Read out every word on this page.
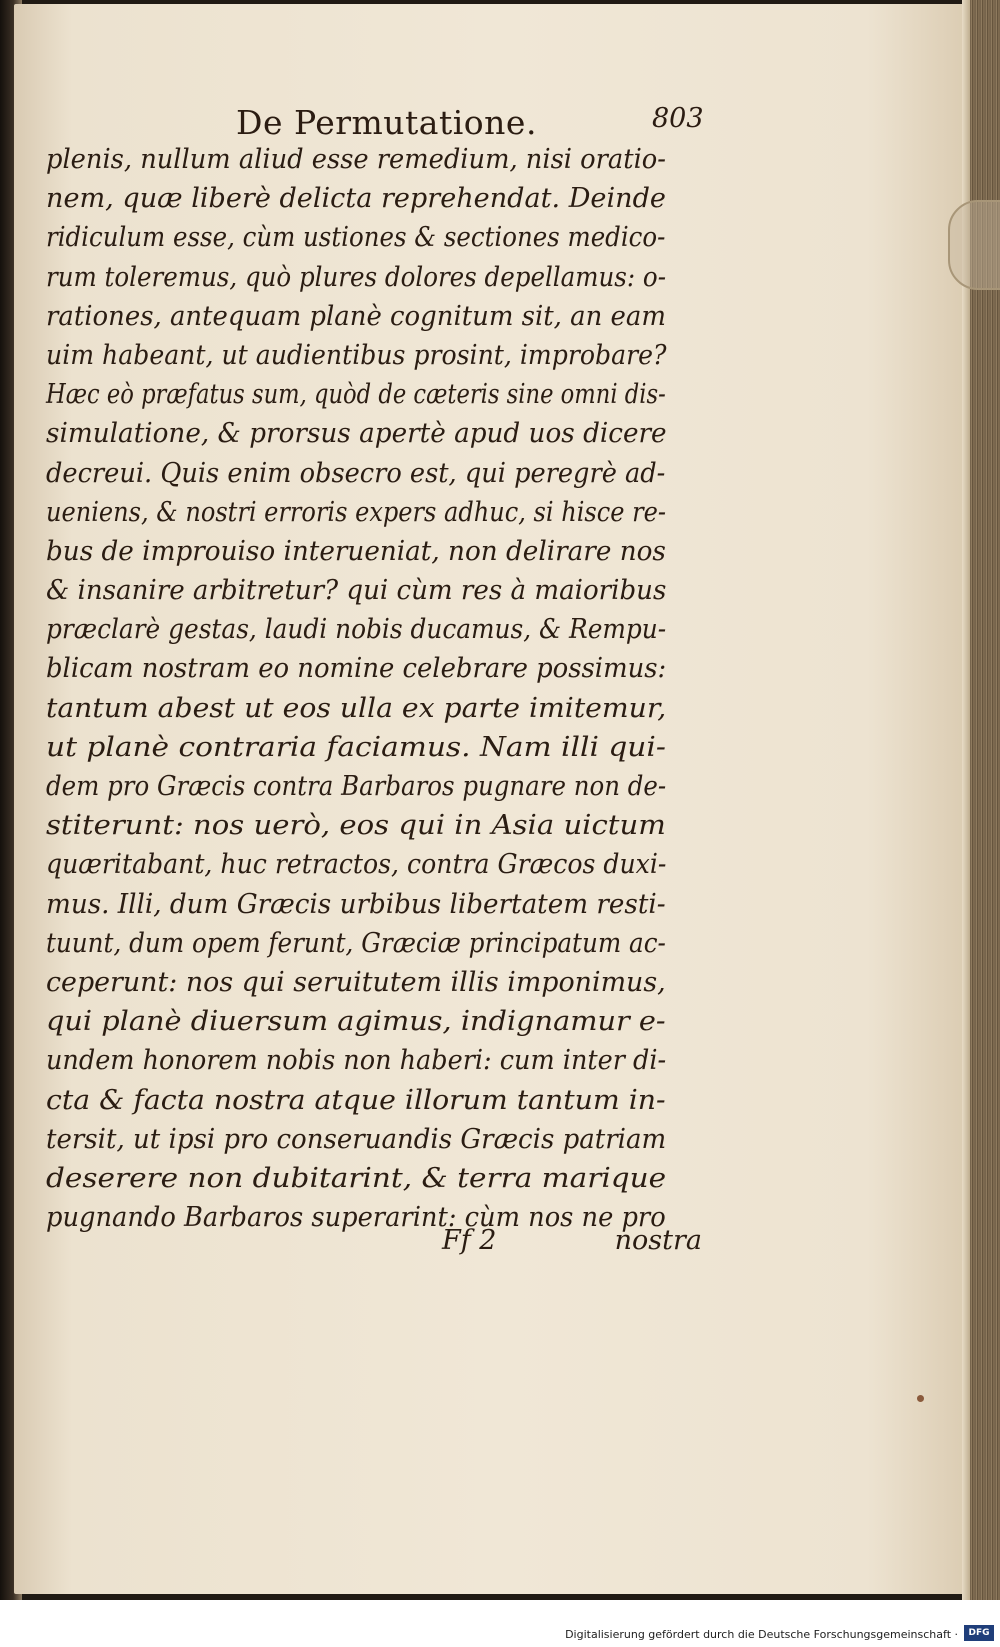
De Permutatione.	803
plenis, nullum aliud esse remedium, nisi oratio-
nem, quæ liberè delicta reprehendat. Deinde
ridiculum esse, cùm ustiones & sectiones medico-
rum toleremus, quò plures dolores depellamus: o-
rationes, antequam planè cognitum sit, an eam
uim habeant, ut audientibus prosint, improbare?
Hæc eò præfatus sum, quòd de cæteris sine omni dis-
simulatione, & prorsus apertè apud uos dicere
decreui. Quis enim obsecro est, qui peregrè ad-
ueniens, & nostri erroris expers adhuc, si hisce re-
bus de improuiso interueniat, non delirare nos
& insanire arbitretur? qui cùm res à maioribus
præclarè gestas, laudi nobis ducamus, & Rempu-
blicam nostram eo nomine celebrare possimus:
tantum abest ut eos ulla ex parte imitemur,
ut planè contraria faciamus. Nam illi qui-
dem pro Græcis contra Barbaros pugnare non de-
stiterunt: nos uerò, eos qui in Asia uictum
quæritabant, huc retractos, contra Græcos duxi-
mus. Illi, dum Græcis urbibus libertatem resti-
tuunt, dum opem ferunt, Græciæ principatum ac-
ceperunt: nos qui seruitutem illis imponimus,
qui planè diuersum agimus, indignamur e-
undem honorem nobis non haberi: cum inter di-
cta & facta nostra atque illorum tantum in-
tersit, ut ipsi pro conseruandis Græcis patriam
deserere non dubitarint, & terra marique
pugnando Barbaros superarint: cùm nos ne pro
Ff 2	nostra
Digitalisierung gefördert durch die Deutsche Forschungsgemeinschaft ·	DFG
